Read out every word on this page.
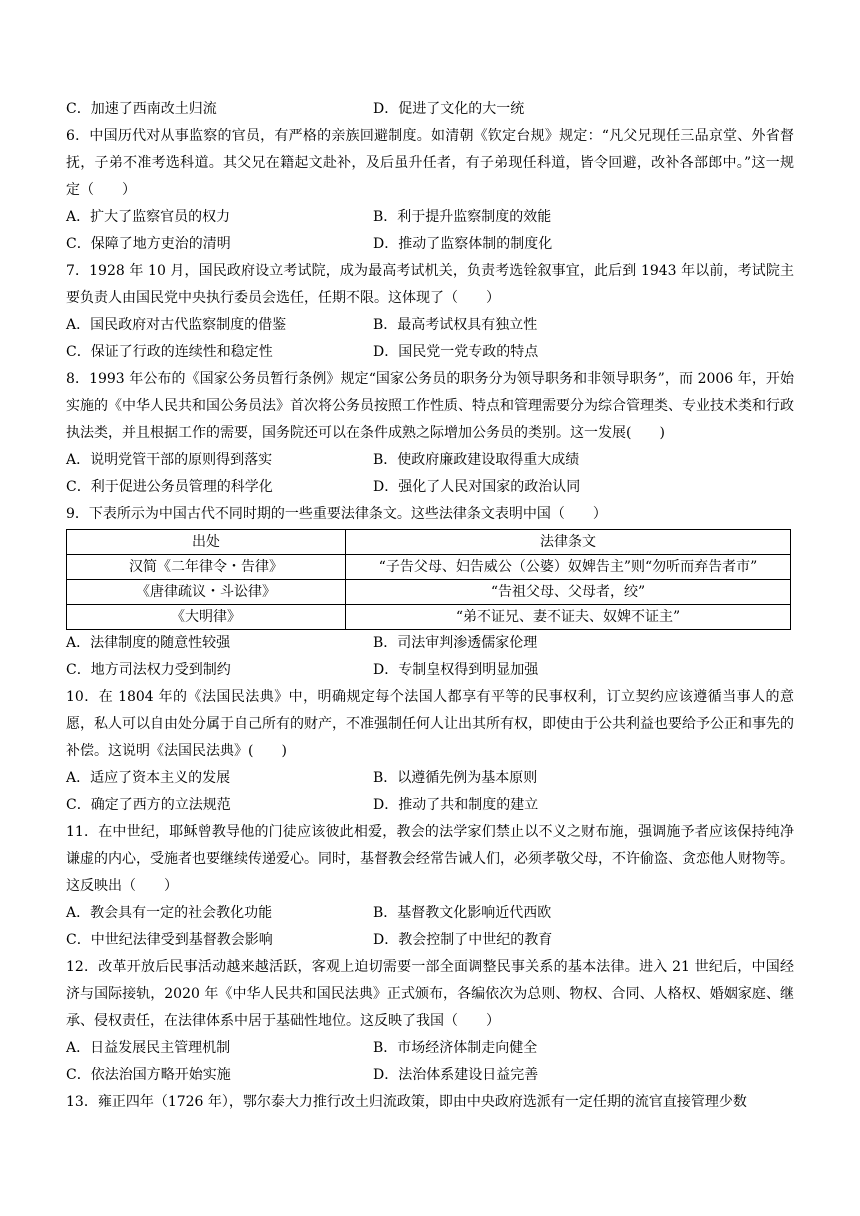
C．加速了西南改土归流	D．促进了文化的大一统
6．中国历代对从事监察的官员，有严格的亲族回避制度。如清朝《钦定台规》规定：“凡父兄现任三品京堂、外省督抚，子弟不准考选科道。其父兄在籍起文赴补，及后虽升任者，有子弟现任科道，皆令回避，改补各部郎中。”这一规定（　　）
A．扩大了监察官员的权力	B．利于提升监察制度的效能
C．保障了地方吏治的清明	D．推动了监察体制的制度化
7．1928 年 10 月，国民政府设立考试院，成为最高考试机关，负责考选铨叙事宜，此后到 1943 年以前，考试院主要负责人由国民党中央执行委员会选任，任期不限。这体现了（　　）
A．国民政府对古代监察制度的借鉴	B．最高考试权具有独立性
C．保证了行政的连续性和稳定性	D．国民党一党专政的特点
8．1993 年公布的《国家公务员暂行条例》规定“国家公务员的职务分为领导职务和非领导职务”，而 2006 年，开始实施的《中华人民共和国公务员法》首次将公务员按照工作性质、特点和管理需要分为综合管理类、专业技术类和行政执法类，并且根据工作的需要，国务院还可以在条件成熟之际增加公务员的类别。这一发展(　　)
A．说明党管干部的原则得到落实	B．使政府廉政建设取得重大成绩
C．利于促进公务员管理的科学化	D．强化了人民对国家的政治认同
9．下表所示为中国古代不同时期的一些重要法律条文。这些法律条文表明中国（　　）
出处	法律条文
汉简《二年律令・告律》	“子告父母、妇告威公（公婆）奴婢告主”则“勿听而弃告者市”
《唐律疏议・斗讼律》	“告祖父母、父母者，绞”
《大明律》	“弟不证兄、妻不证夫、奴婢不证主”
A．法律制度的随意性较强	B．司法审判渗透儒家伦理
C．地方司法权力受到制约	D．专制皇权得到明显加强
10．在 1804 年的《法国民法典》中，明确规定每个法国人都享有平等的民事权利，订立契约应该遵循当事人的意愿，私人可以自由处分属于自己所有的财产，不准强制任何人让出其所有权，即使由于公共利益也要给予公正和事先的补偿。这说明《法国民法典》(　　)
A．适应了资本主义的发展	B．以遵循先例为基本原则
C．确定了西方的立法规范	D．推动了共和制度的建立
11．在中世纪，耶稣曾教导他的门徒应该彼此相爱，教会的法学家们禁止以不义之财布施，强调施予者应该保持纯净谦虚的内心，受施者也要继续传递爱心。同时，基督教会经常告诫人们，必须孝敬父母，不许偷盗、贪恋他人财物等。这反映出（　　）
A．教会具有一定的社会教化功能	B．基督教文化影响近代西欧
C．中世纪法律受到基督教会影响	D．教会控制了中世纪的教育
12．改革开放后民事活动越来越活跃，客观上迫切需要一部全面调整民事关系的基本法律。进入 21 世纪后，中国经济与国际接轨，2020 年《中华人民共和国民法典》正式颁布，各编依次为总则、物权、合同、人格权、婚姻家庭、继承、侵权责任，在法律体系中居于基础性地位。这反映了我国（　　）
A．日益发展民主管理机制	B．市场经济体制走向健全
C．依法治国方略开始实施	D．法治体系建设日益完善
13．雍正四年（1726 年），鄂尔泰大力推行改土归流政策，即由中央政府选派有一定任期的流官直接管理少数
